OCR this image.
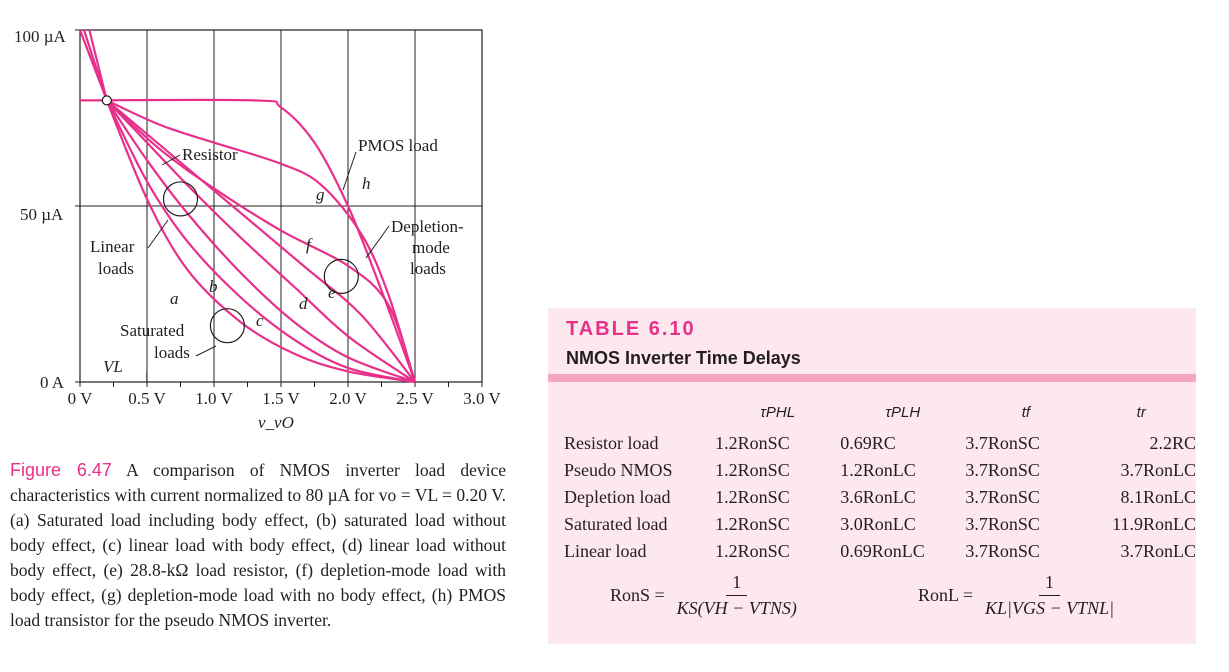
100 µA
50 µA
0 A
0 V 0.5 V 1.0 V 1.5 V 2.0 V 2.5 V 3.0 V
v_vO
Resistor	PMOS load
Depletion-
mode
loads
Linear
loads
Saturated
loads
VL
a
b
c
d
e
f
g
h
Figure 6.47 A comparison of NMOS inverter load device characteristics with current normalized to 80 µA for vo = VL = 0.20 V. (a) Saturated load including body effect, (b) saturated load without body effect, (c) linear load with body effect, (d) linear load without body effect, (e) 28.8-kΩ load resistor, (f) depletion-mode load with body effect, (g) depletion-mode load with no body effect, (h) PMOS load transistor for the pseudo NMOS inverter.
TABLE 6.10
NMOS Inverter Time Delays
	τPHL	τPLH	tf	tr
Resistor load	1.2RonSC	0.69RC	3.7RonSC	2.2RC
Pseudo NMOS	1.2RonSC	1.2RonLC	3.7RonSC	3.7RonLC
Depletion load	1.2RonSC	3.6RonLC	3.7RonSC	8.1RonLC
Saturated load	1.2RonSC	3.0RonLC	3.7RonSC	11.9RonLC
Linear load	1.2RonSC	0.69RonLC	3.7RonSC	3.7RonLC
RonS = $\frac{1}{\text{KS(VH − VTNS)}}$	RonL = $\frac{1}{\text{KL|VGS − VTNL|}}$
